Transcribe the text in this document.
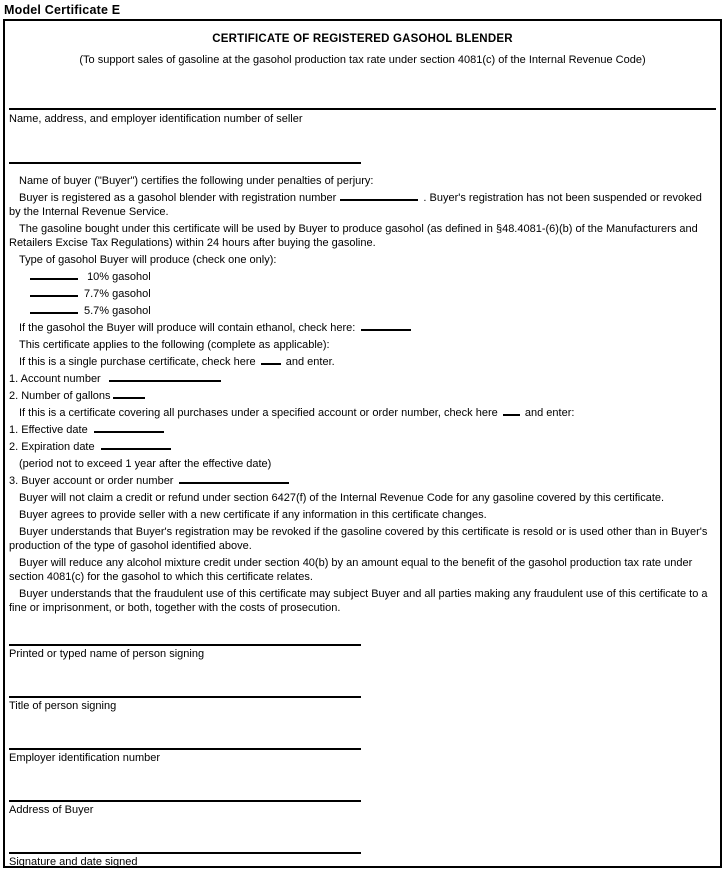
Model Certificate E
CERTIFICATE OF REGISTERED GASOHOL BLENDER
(To support sales of gasoline at the gasohol production tax rate under section 4081(c) of the Internal Revenue Code)
Name, address, and employer identification number of seller

Name of buyer ("Buyer") certifies the following under penalties of perjury:

Buyer is registered as a gasohol blender with registration number	. Buyer's registration has not been suspended or revoked by the Internal Revenue Service.

The gasoline bought under this certificate will be used by Buyer to produce gasohol (as defined in §48.4081-(6)(b) of the Manufacturers and Retailers Excise Tax Regulations) within 24 hours after buying the gasoline.

Type of gasohol Buyer will produce (check one only):

10% gasohol

7.7% gasohol

5.7% gasohol

If the gasohol the Buyer will produce will contain ethanol, check here:

This certificate applies to the following (complete as applicable):

If this is a single purchase certificate, check here	and enter.

1. Account number

2. Number of gallons

If this is a certificate covering all purchases under a specified account or order number, check here and enter:

1. Effective date

2. Expiration date

(period not to exceed 1 year after the effective date)

3. Buyer account or order number

Buyer will not claim a credit or refund under section 6427(f) of the Internal Revenue Code for any gasoline covered by this certificate.

Buyer agrees to provide seller with a new certificate if any information in this certificate changes.

Buyer understands that Buyer's registration may be revoked if the gasoline covered by this certificate is resold or is used other than in Buyer's production of the type of gasohol identified above.

Buyer will reduce any alcohol mixture credit under section 40(b) by an amount equal to the benefit of the gasohol production tax rate under section 4081(c) for the gasohol to which this certificate relates.

Buyer understands that the fraudulent use of this certificate may subject Buyer and all parties making any fraudulent use of this certificate to a fine or imprisonment, or both, together with the costs of prosecution.

Printed or typed name of person signing
Title of person signing
Employer identification number
Address of Buyer
Signature and date signed
